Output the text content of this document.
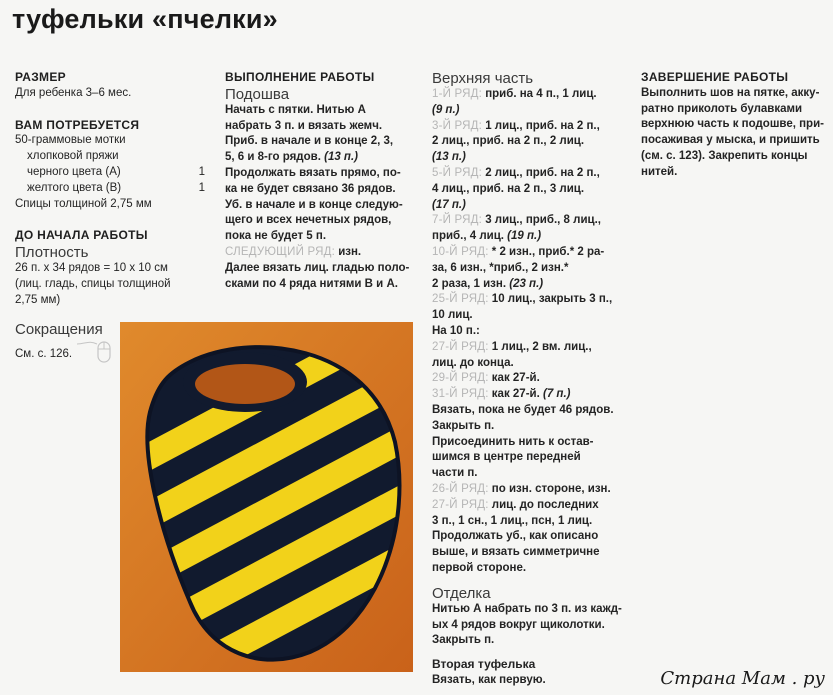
туфельки «пчелки»
РАЗМЕР
Для ребенка 3–6 мес.
ВАМ ПОТРЕБУЕТСЯ
50-граммовые мотки
хлопковой пряжи
черного цвета (А)	1
желтого цвета (В)	1
Спицы толщиной 2,75 мм
ДО НАЧАЛА РАБОТЫ
Плотность
26 п. x 34 рядов = 10 x 10 см
(лиц. гладь, спицы толщиной
2,75 мм)
Сокращения
См. с. 126.
ВЫПОЛНЕНИЕ РАБОТЫ
Подошва
Начать с пятки. Нитью А
набрать 3 п. и вязать жемч.
Приб. в начале и в конце 2, 3,
5, 6 и 8-го рядов. (13 п.)
Продолжать вязать прямо, по-
ка не будет связано 36 рядов.
Уб. в начале и в конце следую-
щего и всех нечетных рядов,
пока не будет 5 п.
СЛЕДУЮЩИЙ РЯД: изн.
Далее вязать лиц. гладью поло-
сками по 4 ряда нитями В и А.
Верхняя часть
1-Й РЯД: приб. на 4 п., 1 лиц.
(9 п.)
3-Й РЯД: 1 лиц., приб. на 2 п.,
2 лиц., приб. на 2 п., 2 лиц.
(13 п.)
5-Й РЯД: 2 лиц., приб. на 2 п.,
4 лиц., приб. на 2 п., 3 лиц.
(17 п.)
7-Й РЯД: 3 лиц., приб., 8 лиц.,
приб., 4 лиц. (19 п.)
10-Й РЯД: * 2 изн., приб.* 2 ра-
за, 6 изн., *приб., 2 изн.*
2 раза, 1 изн. (23 п.)
25-Й РЯД: 10 лиц., закрыть 3 п.,
10 лиц.
На 10 п.:
27-Й РЯД: 1 лиц., 2 вм. лиц.,
лиц. до конца.
29-Й РЯД: как 27-й.
31-Й РЯД: как 27-й. (7 п.)
Вязать, пока не будет 46 рядов.
Закрыть п.
Присоединить нить к остав-
шимся в центре передней
части п.
26-Й РЯД: по изн. стороне, изн.
27-Й РЯД: лиц. до последних
3 п., 1 сн., 1 лиц., псн, 1 лиц.
Продолжать уб., как описано
выше, и вязать симметричне
первой стороне.
Отделка
Нитью А набрать по 3 п. из кажд-
ых 4 рядов вокруг щиколотки.
Закрыть п.
Вторая туфелька
Вязать, как первую.
ЗАВЕРШЕНИЕ РАБОТЫ
Выполнить шов на пятке, акку-
ратно приколоть булавками
верхнюю часть к подошве, при-
посаживая у мыска, и пришить
(см. с. 123). Закрепить концы
нитей.
Страна Мам . ру
